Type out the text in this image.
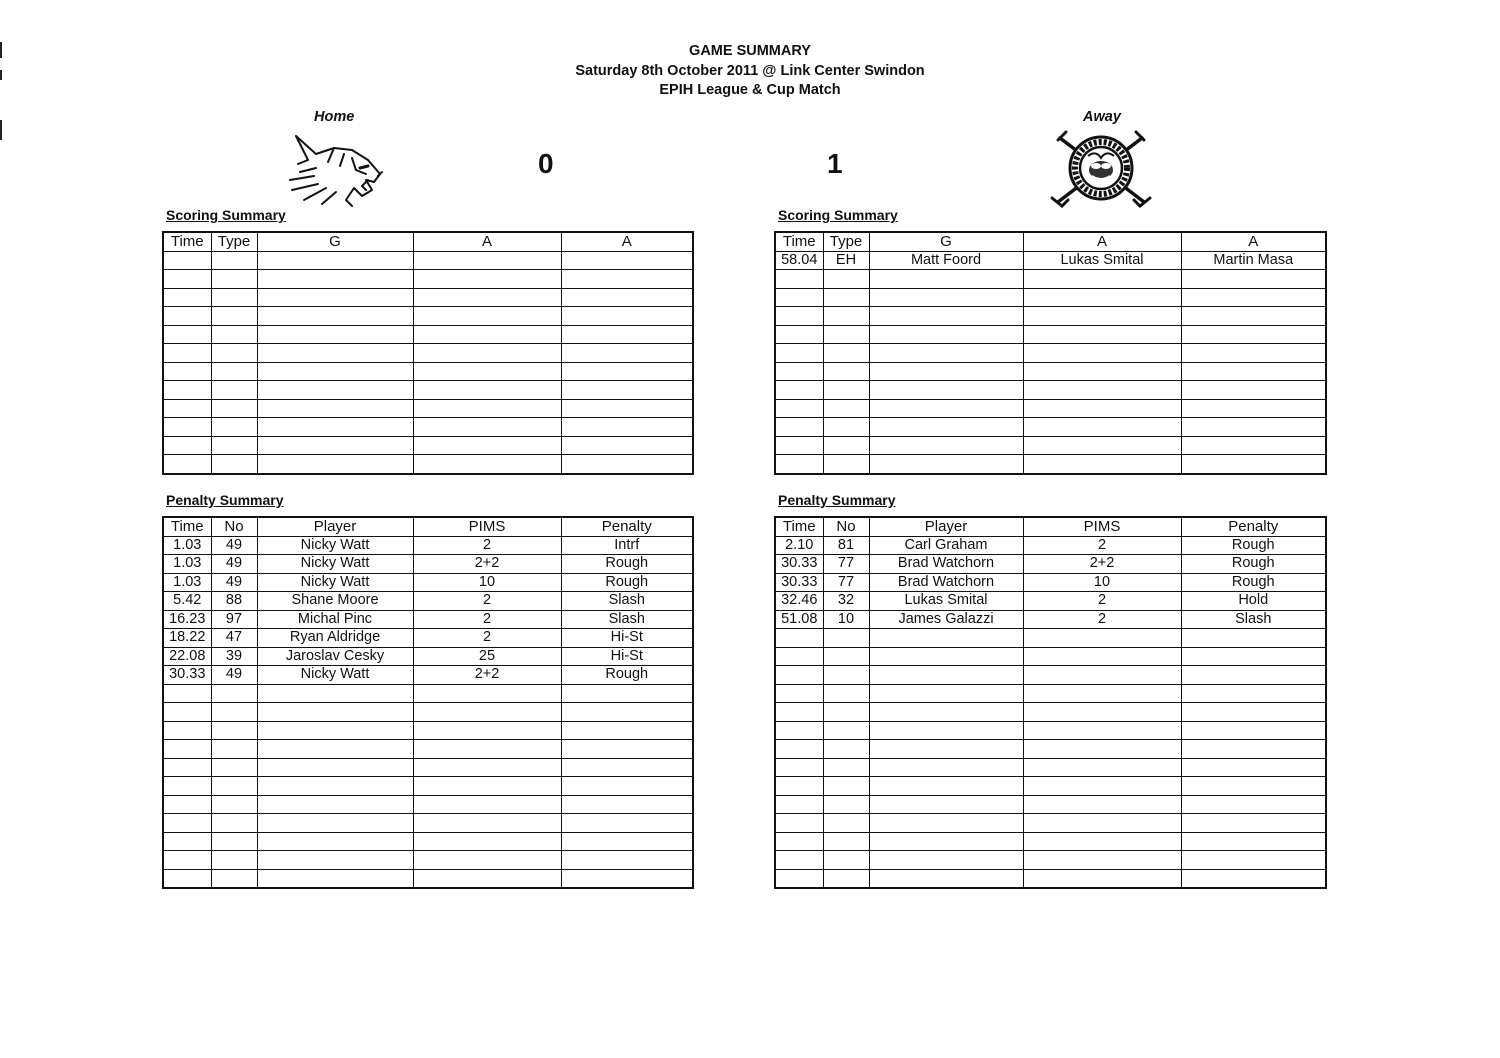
GAME SUMMARY
Saturday 8th October 2011 @ Link Center Swindon
EPIH League & Cup Match
Home	Away
0	1
Scoring Summary	Scoring Summary
Penalty Summary	Penalty Summary
Time	Type	G	A	A

					Time	Type	G	A	A
58.04	EH	Matt Foord	Lukas Smital	Martin Masa

Time	No	Player	PIMS	Penalty
1.03	49	Nicky Watt	2	Intrf
1.03	49	Nicky Watt	2+2	Rough
1.03	49	Nicky Watt	10	Rough
5.42	88	Shane Moore	2	Slash
16.23	97	Michal Pinc	2	Slash
18.22	47	Ryan Aldridge	2	Hi-St
22.08	39	Jaroslav Cesky	25	Hi-St
30.33	49	Nicky Watt	2+2	Rough

Time	No	Player	PIMS	Penalty
2.10	81	Carl Graham	2	Rough
30.33	77	Brad Watchorn	2+2	Rough
30.33	77	Brad Watchorn	10	Rough
32.46	32	Lukas Smital	2	Hold
51.08	10	James Galazzi	2	Slash
